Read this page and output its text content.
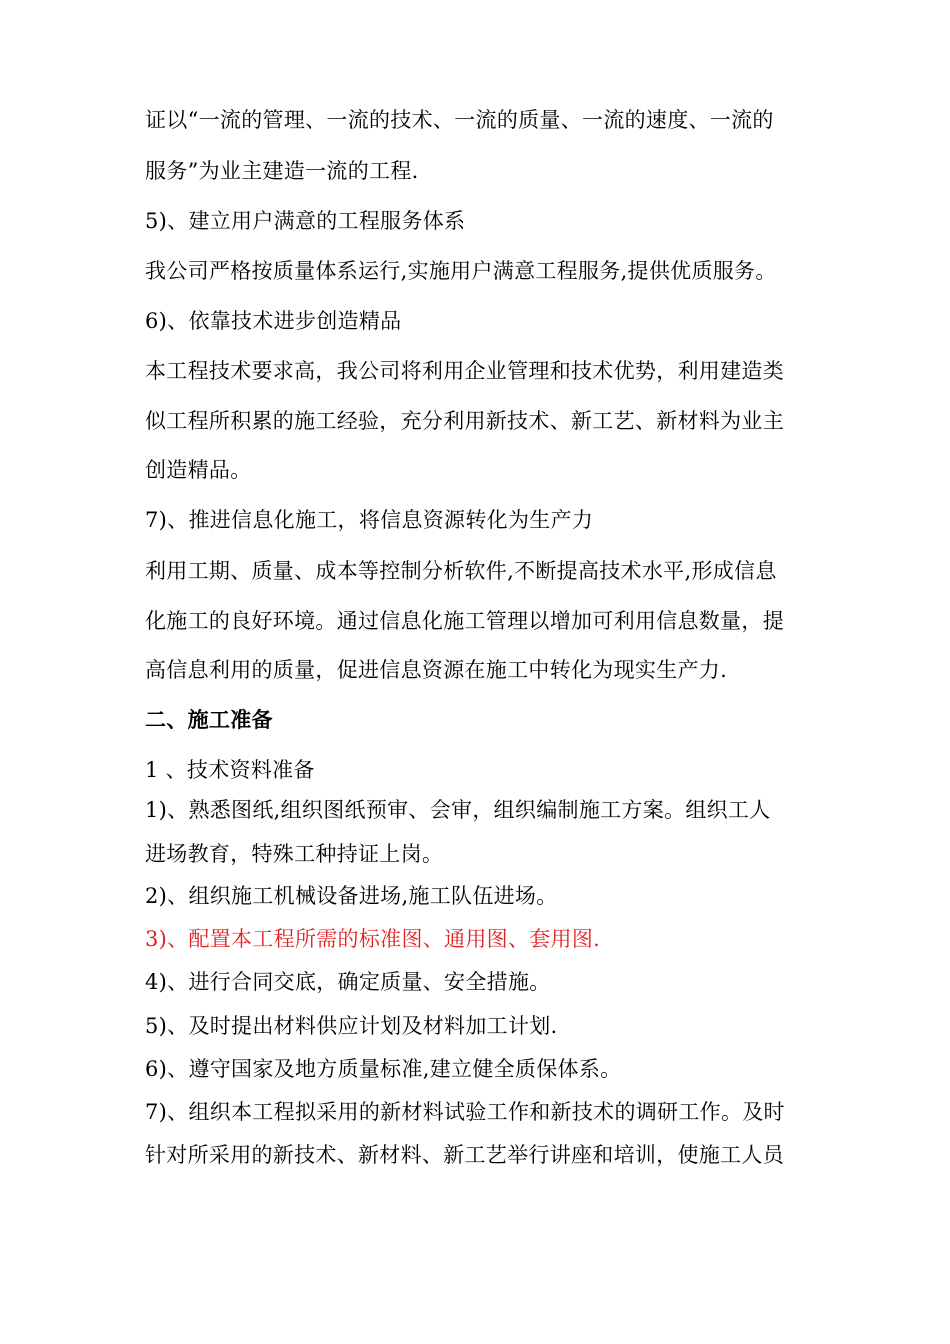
证以“一流的管理、一流的技术、一流的质量、一流的速度、一流的
服务”为业主建造一流的工程.
5)、建立用户满意的工程服务体系
我公司严格按质量体系运行,实施用户满意工程服务,提供优质服务。
6)、依靠技术进步创造精品
本工程技术要求高，我公司将利用企业管理和技术优势，利用建造类
似工程所积累的施工经验，充分利用新技术、新工艺、新材料为业主
创造精品。
7)、推进信息化施工，将信息资源转化为生产力
利用工期、质量、成本等控制分析软件,不断提高技术水平,形成信息
化施工的良好环境。通过信息化施工管理以增加可利用信息数量，提
高信息利用的质量，促进信息资源在施工中转化为现实生产力.
二、施工准备
1 、技术资料准备
1)、熟悉图纸,组织图纸预审、会审，组织编制施工方案。组织工人
进场教育，特殊工种持证上岗。
2)、组织施工机械设备进场,施工队伍进场。
3)、配置本工程所需的标准图、通用图、套用图.
4)、进行合同交底，确定质量、安全措施。
5)、及时提出材料供应计划及材料加工计划.
6)、遵守国家及地方质量标准,建立健全质保体系。
7)、组织本工程拟采用的新材料试验工作和新技术的调研工作。及时
针对所采用的新技术、新材料、新工艺举行讲座和培训，使施工人员
